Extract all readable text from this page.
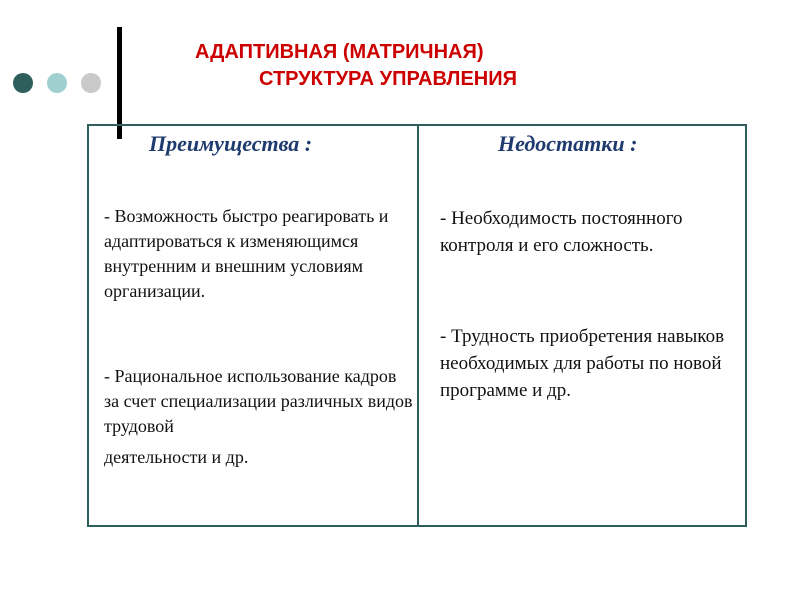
АДАПТИВНАЯ (МАТРИЧНАЯ)
СТРУКТУРА УПРАВЛЕНИЯ
Преимущества :	Недостатки :

- Возможность быстро реагировать и адаптироваться к изменяющимся внутренним и внешним условиям организации.

- Рациональное использование кадров за счет специализации различных видов трудовой

деятельности и др.

- Необходимость постоянного контроля и его сложность.

- Трудность приобретения навыков необходимых для работы по новой программе и др.
